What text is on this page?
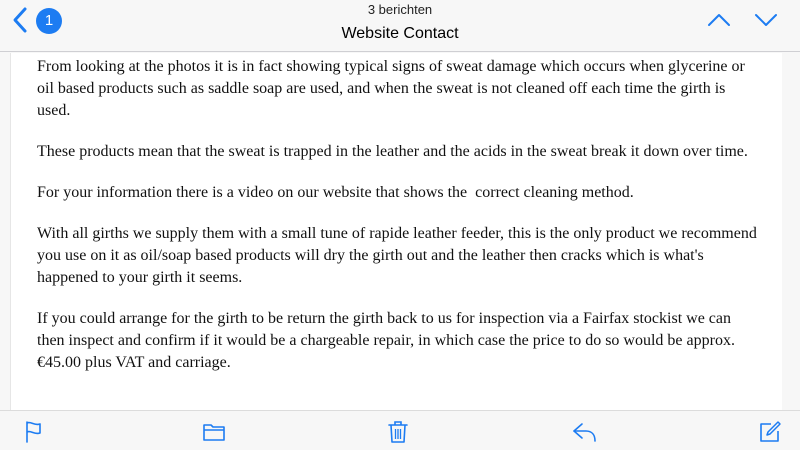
1
3 berichten
Website Contact

From looking at the photos it is in fact showing typical signs of sweat damage which occurs when glycerine or oil based products such as saddle soap are used, and when the sweat is not cleaned off each time the girth is used.

These products mean that the sweat is trapped in the leather and the acids in the sweat break it down over time.

For your information there is a video on our website that shows the  correct cleaning method.

With all girths we supply them with a small tune of rapide leather feeder, this is the only product we recommend you use on it as oil/soap based products will dry the girth out and the leather then cracks which is what's happened to your girth it seems.

If you could arrange for the girth to be return the girth back to us for inspection via a Fairfax stockist we can then inspect and confirm if it would be a chargeable repair, in which case the price to do so would be approx. €45.00 plus VAT and carriage.
